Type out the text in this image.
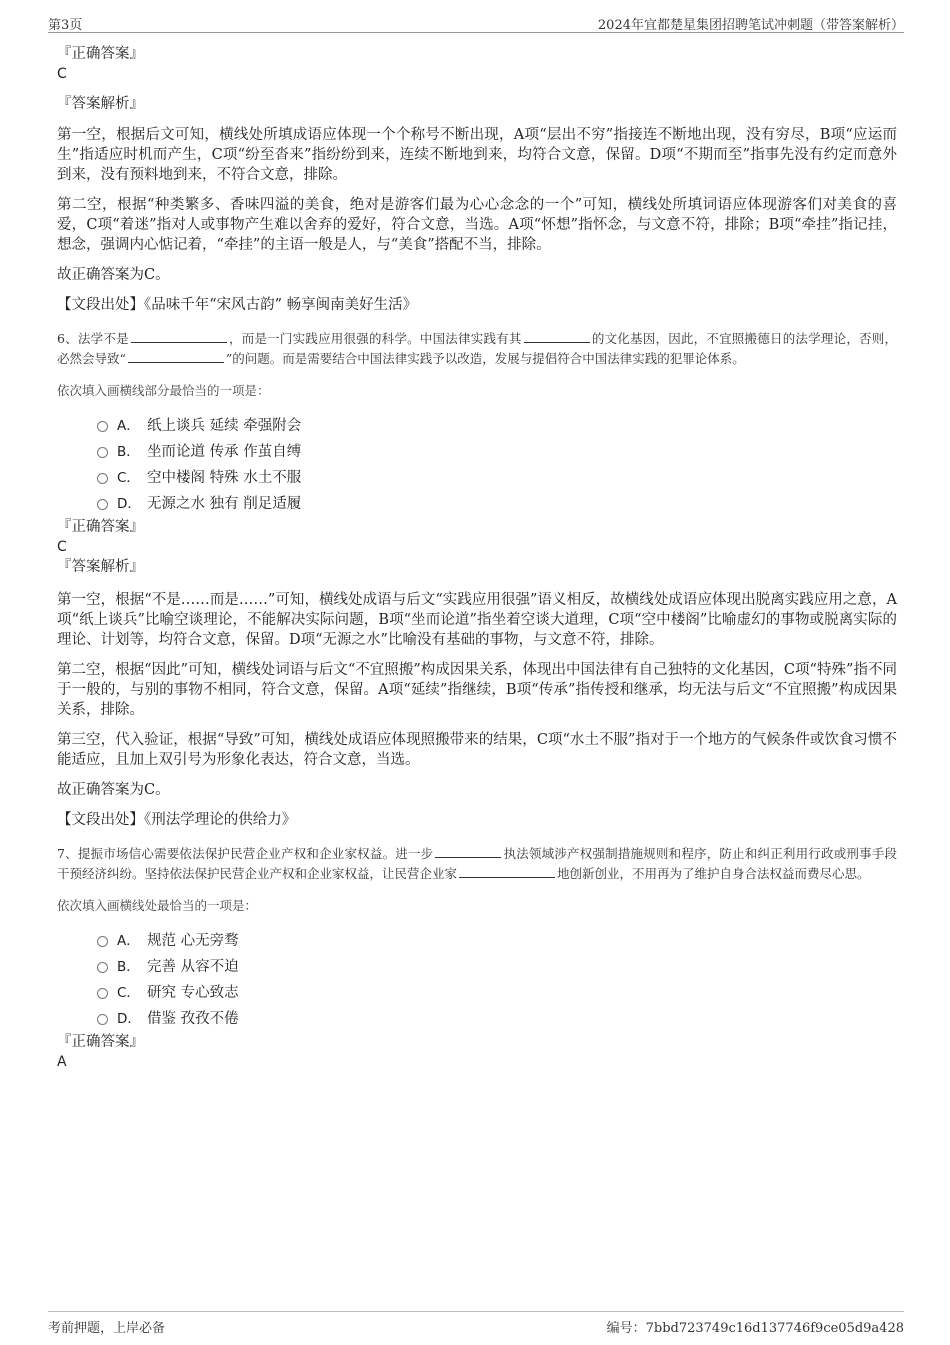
第3页	2024年宜都楚星集团招聘笔试冲刺题（带答案解析）

『正确答案』

C

『答案解析』

第一空，根据后文可知，横线处所填成语应体现一个个称号不断出现，A项“层出不穷”指接连不断地出现，没有穷尽，B项“应运而生”指适应时机而产生，C项“纷至沓来”指纷纷到来，连续不断地到来，均符合文意，保留。D项“不期而至”指事先没有约定而意外到来，没有预料地到来，不符合文意，排除。

第二空，根据“种类繁多、香味四溢的美食，绝对是游客们最为心心念念的一个”可知，横线处所填词语应体现游客们对美食的喜爱，C项“着迷”指对人或事物产生难以舍弃的爱好，符合文意，当选。A项“怀想”指怀念，与文意不符，排除；B项“牵挂”指记挂，想念，强调内心惦记着，“牵挂”的主语一般是人，与“美食”搭配不当，排除。

故正确答案为C。

【文段出处】《品味千年“宋风古韵” 畅享闽南美好生活》

6、法学不是	，而是一门实践应用很强的科学。中国法律实践有其	的文化基因，因此，不宜照搬德日的法学理论，否则，必然会导致“	”的问题。而是需要结合中国法律实践予以改造，发展与提倡符合中国法律实践的犯罪论体系。

依次填入画横线部分最恰当的一项是：

A． 纸上谈兵 延续 牵强附会
B． 坐而论道 传承 作茧自缚
C． 空中楼阁 特殊 水土不服
D． 无源之水 独有 削足适履

『正确答案』

C

『答案解析』

第一空，根据“不是……而是……”可知，横线处成语与后文“实践应用很强”语义相反，故横线处成语应体现出脱离实践应用之意，A项“纸上谈兵”比喻空谈理论，不能解决实际问题，B项“坐而论道”指坐着空谈大道理，C项“空中楼阁”比喻虚幻的事物或脱离实际的理论、计划等，均符合文意，保留。D项“无源之水”比喻没有基础的事物，与文意不符，排除。

第二空，根据“因此”可知，横线处词语与后文“不宜照搬”构成因果关系，体现出中国法律有自己独特的文化基因，C项“特殊”指不同于一般的，与别的事物不相同，符合文意，保留。A项“延续”指继续，B项“传承”指传授和继承，均无法与后文“不宜照搬”构成因果关系，排除。

第三空，代入验证，根据“导致”可知，横线处成语应体现照搬带来的结果，C项“水土不服”指对于一个地方的气候条件或饮食习惯不能适应，且加上双引号为形象化表达，符合文意，当选。

故正确答案为C。

【文段出处】《刑法学理论的供给力》

7、提振市场信心需要依法保护民营企业产权和企业家权益。进一步	执法领域涉产权强制措施规则和程序，防止和纠正利用行政或刑事手段干预经济纠纷。坚持依法保护民营企业产权和企业家权益，让民营企业家	地创新创业，不用再为了维护自身合法权益而费尽心思。

依次填入画横线处最恰当的一项是：

A． 规范 心无旁骛
B． 完善 从容不迫
C． 研究 专心致志
D． 借鉴 孜孜不倦

『正确答案』

A

考前押题，上岸必备	编号：7bbd723749c16d137746f9ce05d9a428
